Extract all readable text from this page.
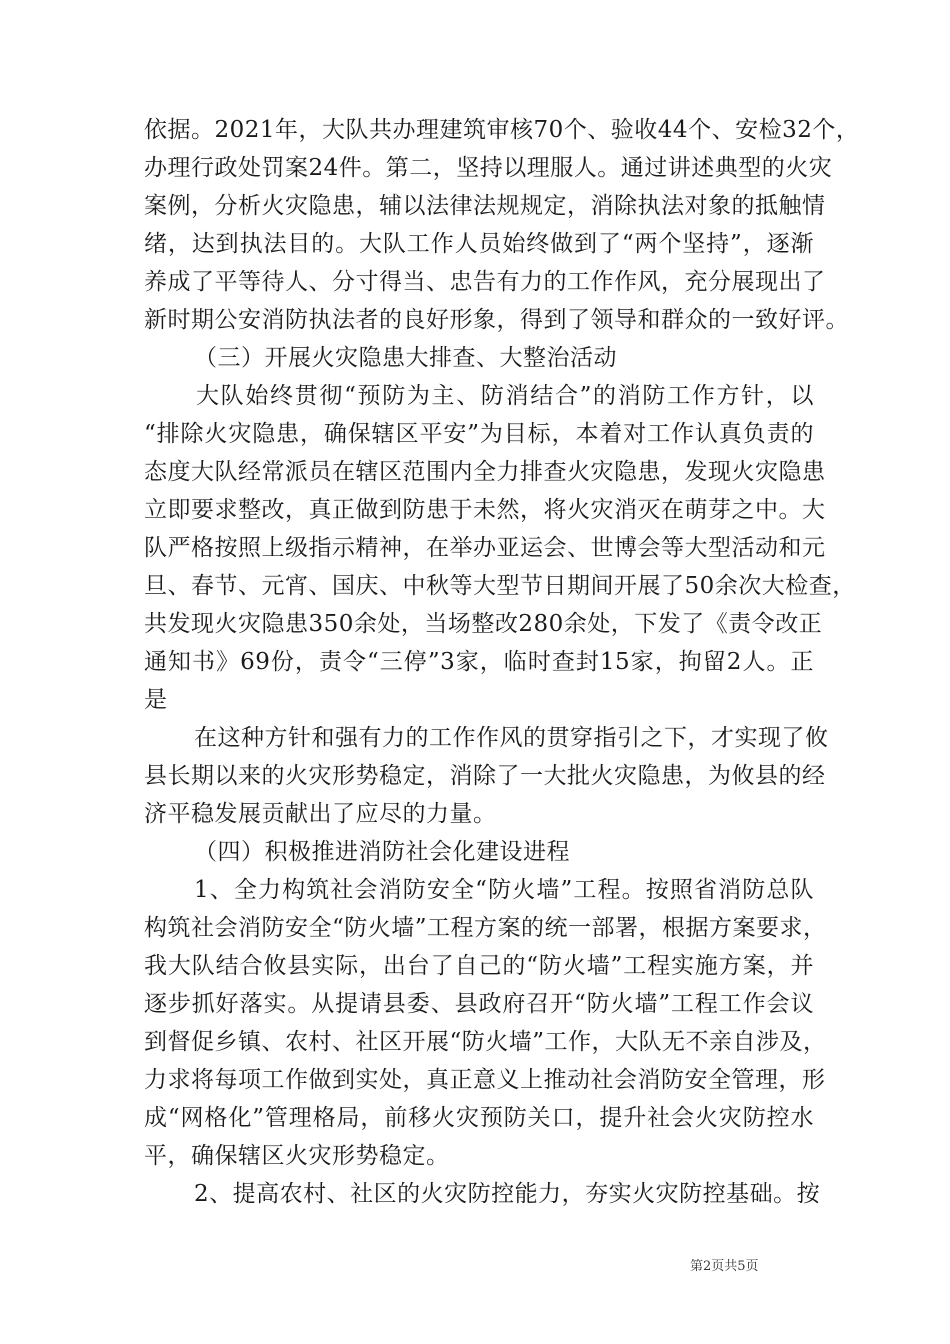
依据。2021年，大队共办理建筑审核70个、验收44个、安检32个，
办理行政处罚案24件。第二，坚持以理服人。通过讲述典型的火灾
案例，分析火灾隐患，辅以法律法规规定，消除执法对象的抵触情
绪，达到执法目的。大队工作人员始终做到了“两个坚持”，逐渐
养成了平等待人、分寸得当、忠告有力的工作作风，充分展现出了
新时期公安消防执法者的良好形象，得到了领导和群众的一致好评。
（三）开展火灾隐患大排查、大整治活动
大队始终贯彻“预防为主、防消结合”的消防工作方针，以
“排除火灾隐患，确保辖区平安”为目标，本着对工作认真负责的
态度大队经常派员在辖区范围内全力排查火灾隐患，发现火灾隐患
立即要求整改，真正做到防患于未然，将火灾消灭在萌芽之中。大
队严格按照上级指示精神，在举办亚运会、世博会等大型活动和元
旦、春节、元宵、国庆、中秋等大型节日期间开展了50余次大检查，
共发现火灾隐患350余处，当场整改280余处，下发了《责令改正
通知书》69份，责令“三停”3家，临时查封15家，拘留2人。正
是
在这种方针和强有力的工作作风的贯穿指引之下，才实现了攸
县长期以来的火灾形势稳定，消除了一大批火灾隐患，为攸县的经
济平稳发展贡献出了应尽的力量。
（四）积极推进消防社会化建设进程
1、全力构筑社会消防安全“防火墙”工程。按照省消防总队
构筑社会消防安全“防火墙”工程方案的统一部署，根据方案要求，
我大队结合攸县实际，出台了自己的“防火墙”工程实施方案，并
逐步抓好落实。从提请县委、县政府召开“防火墙”工程工作会议
到督促乡镇、农村、社区开展“防火墙”工作，大队无不亲自涉及，
力求将每项工作做到实处，真正意义上推动社会消防安全管理，形
成“网格化”管理格局，前移火灾预防关口，提升社会火灾防控水
平，确保辖区火灾形势稳定。
2、提高农村、社区的火灾防控能力，夯实火灾防控基础。按
第2页共5页
